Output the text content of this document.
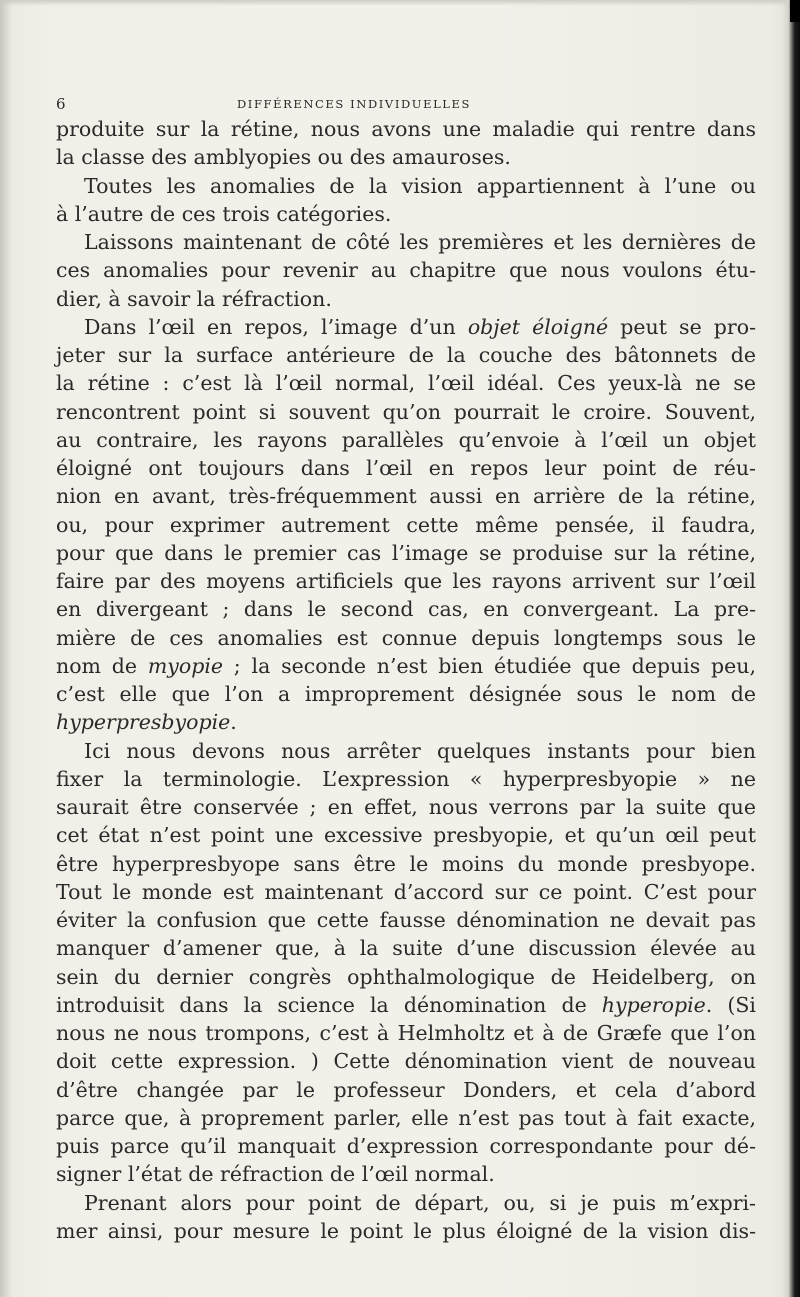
6	DIFFÉRENCES INDIVIDUELLES
produite sur la rétine, nous avons une maladie qui rentre dans
la classe des amblyopies ou des amauroses.
Toutes les anomalies de la vision appartiennent à l’une ou
à l’autre de ces trois catégories.
Laissons maintenant de côté les premières et les dernières de
ces anomalies pour revenir au chapitre que nous voulons étu-
dier, à savoir la réfraction.
Dans l’œil en repos, l’image d’un objet éloigné peut se pro-
jeter sur la surface antérieure de la couche des bâtonnets de
la rétine : c’est là l’œil normal, l’œil idéal. Ces yeux-là ne se
rencontrent point si souvent qu’on pourrait le croire. Souvent,
au contraire, les rayons parallèles qu’envoie à l’œil un objet
éloigné ont toujours dans l’œil en repos leur point de réu-
nion en avant, très-fréquemment aussi en arrière de la rétine,
ou, pour exprimer autrement cette même pensée, il faudra,
pour que dans le premier cas l’image se produise sur la rétine,
faire par des moyens artificiels que les rayons arrivent sur l’œil
en divergeant ; dans le second cas, en convergeant. La pre-
mière de ces anomalies est connue depuis longtemps sous le
nom de myopie ; la seconde n’est bien étudiée que depuis peu,
c’est elle que l’on a improprement désignée sous le nom de
hyperpresbyopie.
Ici nous devons nous arrêter quelques instants pour bien
fixer la terminologie. L’expression « hyperpresbyopie » ne
saurait être conservée ; en effet, nous verrons par la suite que
cet état n’est point une excessive presbyopie, et qu’un œil peut
être hyperpresbyope sans être le moins du monde presbyope.
Tout le monde est maintenant d’accord sur ce point. C’est pour
éviter la confusion que cette fausse dénomination ne devait pas
manquer d’amener que, à la suite d’une discussion élevée au
sein du dernier congrès ophthalmologique de Heidelberg, on
introduisit dans la science la dénomination de hyperopie. (Si
nous ne nous trompons, c’est à Helmholtz et à de Græfe que l’on
doit cette expression. ) Cette dénomination vient de nouveau
d’être changée par le professeur Donders, et cela d’abord
parce que, à proprement parler, elle n’est pas tout à fait exacte,
puis parce qu’il manquait d’expression correspondante pour dé-
signer l’état de réfraction de l’œil normal.
Prenant alors pour point de départ, ou, si je puis m’expri-
mer ainsi, pour mesure le point le plus éloigné de la vision dis-
